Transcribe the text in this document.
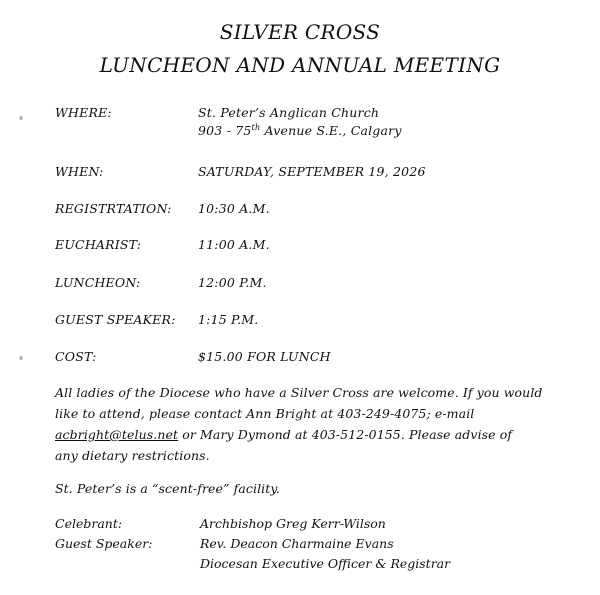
SILVER CROSS
LUNCHEON AND ANNUAL MEETING
WHERE:	St. Peter’s Anglican Church
903 - 75th Avenue S.E., Calgary
WHEN:	SATURDAY, SEPTEMBER 19, 2026
REGISTRTATION: 10:30 A.M.
EUCHARIST:	11:00 A.M.
LUNCHEON:	12:00 P.M.
GUEST SPEAKER: 1:15 P.M.
COST:	$15.00 FOR LUNCH
All ladies of the Diocese who have a Silver Cross are welcome. If you would
like to attend, please contact Ann Bright at 403-249-4075; e-mail
acbright@telus.net or Mary Dymond at 403-512-0155. Please advise of
any dietary restrictions.
St. Peter’s is a “scent-free” facility.
Celebrant:	Archbishop Greg Kerr-Wilson
Guest Speaker:	Rev. Deacon Charmaine Evans
Diocesan Executive Officer & Registrar
